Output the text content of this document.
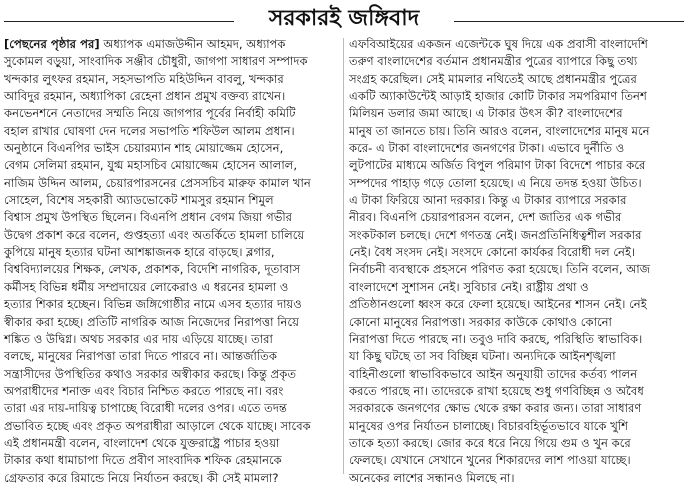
সরকারই জঙ্গিবাদ
[পেছনের পৃষ্ঠার পর] অধ্যাপক এমাজউদ্দীন আহমদ, অধ্যাপক
সুকোমল বড়ুয়া, সাংবাদিক সঞ্জীব চৌধুরী, জাগপা সাধারণ সম্পাদক
খন্দকার লুৎফর রহমান, সহসভাপতি মহিউদ্দিন বাবলু, খন্দকার
আবিদুর রহমান, অধ্যাপিকা রেহেনা প্রধান প্রমুখ বক্তব্য রাখেন।
কনভেনশনে নেতাদের সম্মতি নিয়ে জাগপার পূর্বের নির্বাহী কমিটি
বহাল রাখার ঘোষণা দেন দলের সভাপতি শফিউল আলম প্রধান।
অনুষ্ঠানে বিএনপির ভাইস চেয়ারম্যান শাহ মোয়াজ্জেম হোসেন,
বেগম সেলিমা রহমান, যুগ্ম মহাসচিব মোয়াজ্জেম হোসেন আলাল,
নাজিম উদ্দিন আলম, চেয়ারপারসনের প্রেসসচিব মারুফ কামাল খান
সোহেল, বিশেষ সহকারী অ্যাডভোকেট শামসুর রহমান শিমুল
বিশ্বাস প্রমুখ উপস্থিত ছিলেন। বিএনপি প্রধান বেগম জিয়া গভীর
উদ্বেগ প্রকাশ করে বলেন, গুপ্তহত্যা এবং অতর্কিতে হামলা চালিয়ে
কুপিয়ে মানুষ হত্যার ঘটনা আশঙ্কাজনক হারে বাড়ছে। ব্লগার,
বিশ্ববিদ্যালয়ের শিক্ষক, লেখক, প্রকাশক, বিদেশি নাগরিক, দূতাবাস
কর্মীসহ বিভিন্ন ধর্মীয় সম্প্রদায়ের লোকেরাও এ ধরনের হামলা ও
হত্যার শিকার হচ্ছেন। বিভিন্ন জঙ্গিগোষ্ঠীর নামে এসব হত্যার দায়ও
স্বীকার করা হচ্ছে। প্রতিটি নাগরিক আজ নিজেদের নিরাপত্তা নিয়ে
শঙ্কিত ও উদ্বিগ্ন। অথচ সরকার এর দায় এড়িয়ে যাচ্ছে। তারা
বলছে, মানুষের নিরাপত্তা তারা দিতে পারবে না। আন্তর্জাতিক
সন্ত্রাসীদের উপস্থিতির কথাও সরকার অস্বীকার করছে। কিন্তু প্রকৃত
অপরাধীদের শনাক্ত এবং বিচার নিশ্চিত করতে পারছে না। বরং
তারা এর দায়-দায়িত্ব চাপাচ্ছে বিরোধী দলের ওপর। এতে তদন্ত
প্রভাবিত হচ্ছে এবং প্রকৃত অপরাধীরা আড়ালে থেকে যাচ্ছে। সাবেক
এই প্রধানমন্ত্রী বলেন, বাংলাদেশ থেকে যুক্তরাষ্ট্রে পাচার হওয়া
টাকার কথা ধামাচাপা দিতে প্রবীণ সাংবাদিক শফিক রেহমানকে
গ্রেফতার করে রিমান্ডে নিয়ে নির্যাতন করছে। কী সেই মামলা?
এফবিআইয়ের একজন এজেন্টকে ঘুষ দিয়ে এক প্রবাসী বাংলাদেশি
তরুণ বাংলাদেশের বর্তমান প্রধানমন্ত্রীর পুত্রের ব্যাপারে কিছু তথ্য
সংগ্রহ করেছিল। সেই মামলার নথিতেই আছে প্রধানমন্ত্রীর পুত্রের
একটি অ্যাকাউন্টেই আড়াই হাজার কোটি টাকার সমপরিমাণ তিনশ
মিলিয়ন ডলার জমা আছে। এ টাকার উৎস কী? বাংলাদেশের
মানুষ তা জানতে চায়। তিনি আরও বলেন, বাংলাদেশের মানুষ মনে
করে- এ টাকা বাংলাদেশের জনগণের টাকা। এভাবে দুর্নীতি ও
লুটপাটের মাধ্যমে অর্জিত বিপুল পরিমাণ টাকা বিদেশে পাচার করে
সম্পদের পাহাড় গড়ে তোলা হয়েছে। এ নিয়ে তদন্ত হওয়া উচিত।
এ টাকা ফিরিয়ে আনা দরকার। কিন্তু এ টাকার ব্যাপারে সরকার
নীরব। বিএনপি চেয়ারপারসন বলেন, দেশ জাতির এক গভীর
সংকটকাল চলছে। দেশে গণতন্ত্র নেই। জনপ্রতিনিধিত্বশীল সরকার
নেই। বৈধ সংসদ নেই। সংসদে কোনো কার্যকর বিরোধী দল নেই।
নির্বাচনী ব্যবস্থাকে প্রহসনে পরিণত করা হয়েছে। তিনি বলেন, আজ
বাংলাদেশে সুশাসন নেই। সুবিচার নেই। রাষ্ট্রীয় প্রথা ও
প্রতিষ্ঠানগুলো ধ্বংস করে ফেলা হয়েছে। আইনের শাসন নেই। নেই
কোনো মানুষের নিরাপত্তা। সরকার কাউকে কোথাও কোনো
নিরাপত্তা দিতে পারছে না। তবুও দাবি করছে, পরিস্থিতি স্বাভাবিক।
যা কিছু ঘটছে তা সব বিচ্ছিন্ন ঘটনা। অন্যদিকে আইনশৃঙ্খলা
বাহিনীগুলো স্বাভাবিকভাবে আইন অনুযায়ী তাদের কর্তব্য পালন
করতে পারছে না। তাদেরকে রাখা হয়েছে শুধু গণবিচ্ছিন্ন ও অবৈধ
সরকারকে জনগণের ক্ষোভ থেকে রক্ষা করার জন্য। তারা সাধারণ
মানুষের ওপর নির্যাতন চালাচ্ছে। বিচারবহির্ভূতভাবে যাকে খুশি
তাকে হত্যা করছে। জোর করে ধরে নিয়ে গিয়ে গুম ও খুন করে
ফেলছে। যেখানে সেখানে খুনের শিকারদের লাশ পাওয়া যাচ্ছে।
অনেকের লাশের সন্ধানও মিলছে না।
